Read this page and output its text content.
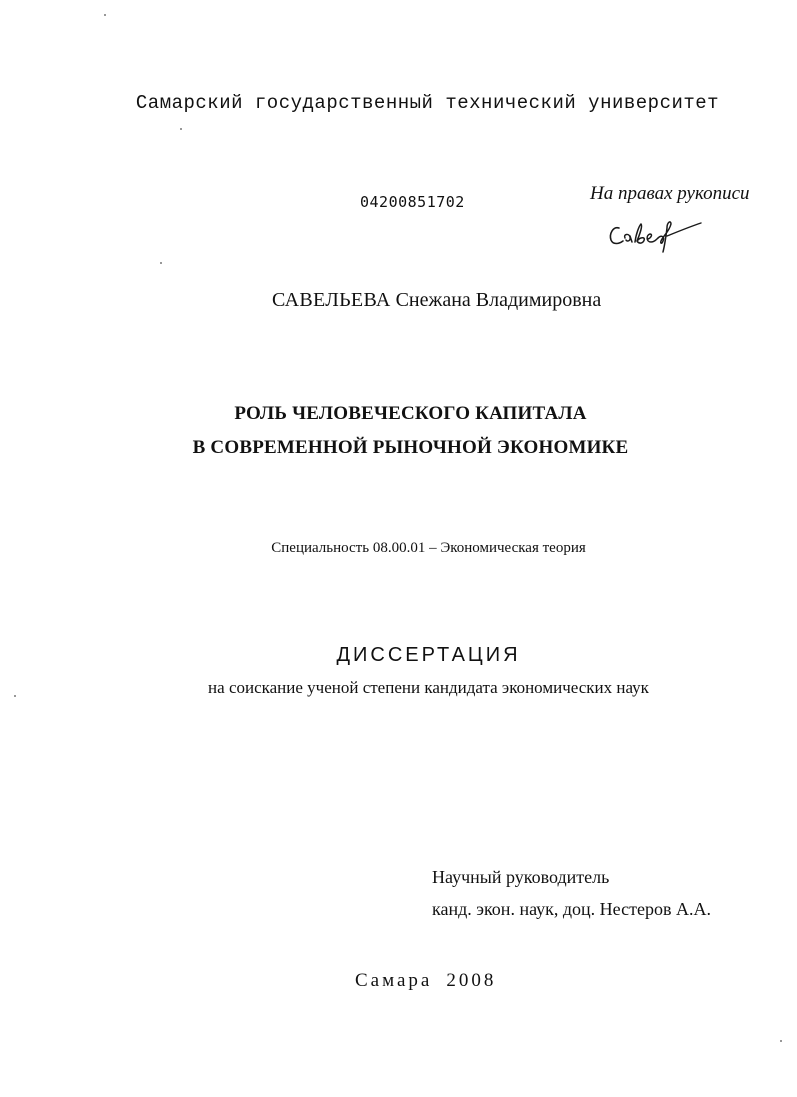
Самарский государственный технический университет
04200851702	На правах рукописи
САВЕЛЬЕВА Снежана Владимировна
РОЛЬ ЧЕЛОВЕЧЕСКОГО КАПИТАЛА
В СОВРЕМЕННОЙ РЫНОЧНОЙ ЭКОНОМИКЕ
Специальность 08.00.01 – Экономическая теория
ДИССЕРТАЦИЯ
на соискание ученой степени кандидата экономических наук
Научный руководитель
канд. экон. наук, доц. Нестеров А.А.
Самара 2008
